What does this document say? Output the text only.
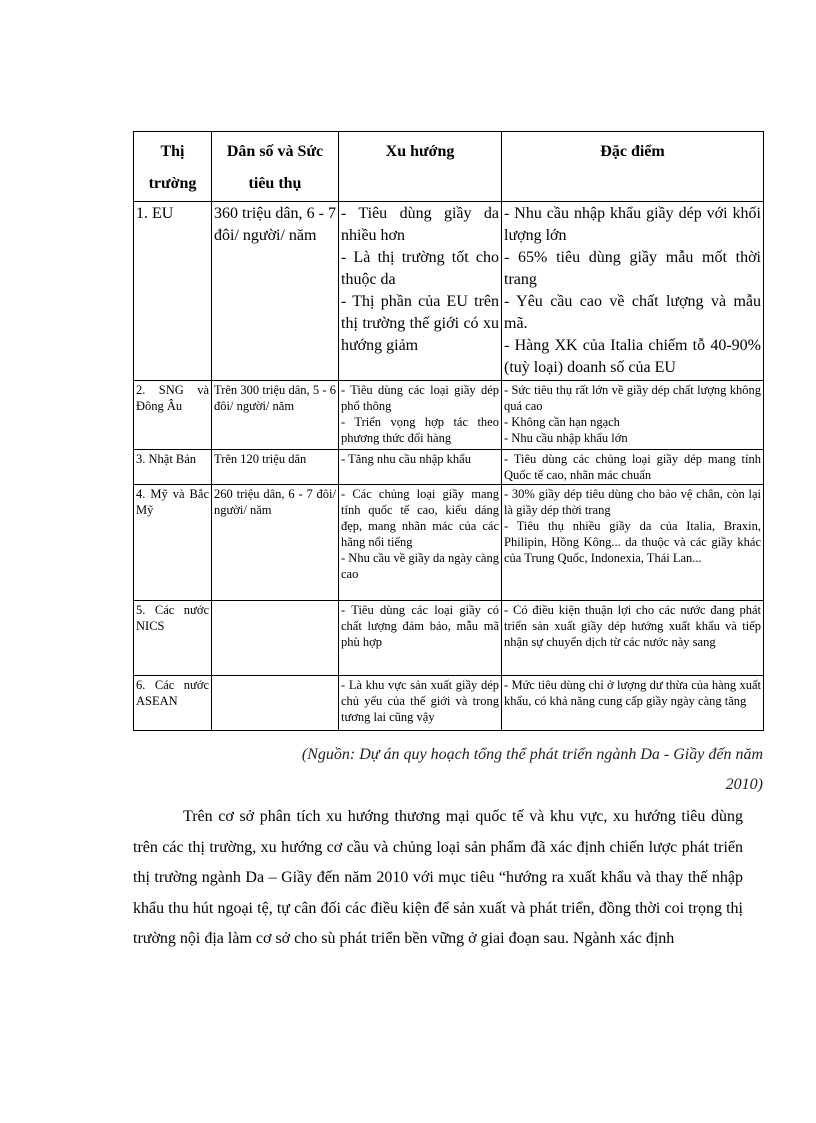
Thị trường	Dân số và Sức tiêu thụ	Xu hướng	Đặc điểm
1. EU	360 triệu dân, 6 - 7 đôi/ người/ năm	- Tiêu dùng giầy da nhiều hơn
- Là thị trường tốt cho thuộc da
- Thị phần của EU trên thị trường thế giới có xu hướng giảm	- Nhu cầu nhập khẩu giầy dép với khối lượng lớn
- 65% tiêu dùng giầy mẫu mốt thời trang
- Yêu cầu cao về chất lượng và mẫu mã.
- Hàng XK của Italia chiếm tỗ 40-90% (tuỳ loại) doanh số của EU

2. SNG và Đông Âu	Trên 300 triệu dân, 5 - 6 đôi/ người/ năm	- Tiêu dùng các loại giầy dép phổ thông
- Triển vọng hợp tác theo phương thức đổi hàng	- Sức tiêu thụ rất lớn về giầy dép chất lượng không quá cao
- Không cần hạn ngạch
- Nhu cầu nhập khẩu lớn

3. Nhật Bản	Trên 120 triệu dân	- Tăng nhu cầu nhập khẩu	- Tiêu dùng các chủng loại giầy dép mang tính Quốc tế cao, nhãn mác chuẩn

4. Mỹ và Bắc Mỹ	260 triệu dân, 6 - 7 đôi/ người/ năm	- Các chủng loại giầy mang tính quốc tế cao, kiểu dáng đẹp, mang nhãn mác của các hãng nổi tiếng
- Nhu cầu về giầy da ngày càng cao	- 30% giầy dép tiêu dùng cho bảo vệ chân, còn lại là giầy dép thời trang
- Tiêu thụ nhiều giầy da của Italia, Braxin, Philipin, Hồng Kông... da thuộc và các giầy khác của Trung Quốc, Indonexia, Thái Lan...

5. Các nước NICS		- Tiêu dùng các loại giầy có chất lượng đảm bảo, mẫu mã phù hợp	- Có điều kiện thuận lợi cho các nước đang phát triển sản xuất giầy dép hướng xuất khẩu và tiếp nhận sự chuyển dịch từ các nước này sang

6. Các nước ASEAN		- Là khu vực sản xuất giầy dép chủ yếu của thế giới và trong tương lai cũng vậy	- Mức tiêu dùng chỉ ở lượng dư thừa của hàng xuất khẩu, có khả năng cung cấp giầy ngày càng tăng
(Nguồn: Dự án quy hoạch tổng thể phát triển ngành Da - Giầy đến năm
2010)

Trên cơ sở phân tích xu hướng thương mại quốc tế và khu vực, xu hướng tiêu dùng trên các thị trường, xu hướng cơ cầu và chủng loại sản phẩm đã xác định chiến lược phát triển thị trường ngành Da – Giầy đến năm 2010 với mục tiêu “hướng ra xuất khẩu và thay thế nhập khẩu thu hút ngoại tệ, tự cân đối các điều kiện để sản xuất và phát triển, đồng thời coi trọng thị trường nội địa làm cơ sở cho sù phát triển bền vững ở giai đoạn sau. Ngành xác định
